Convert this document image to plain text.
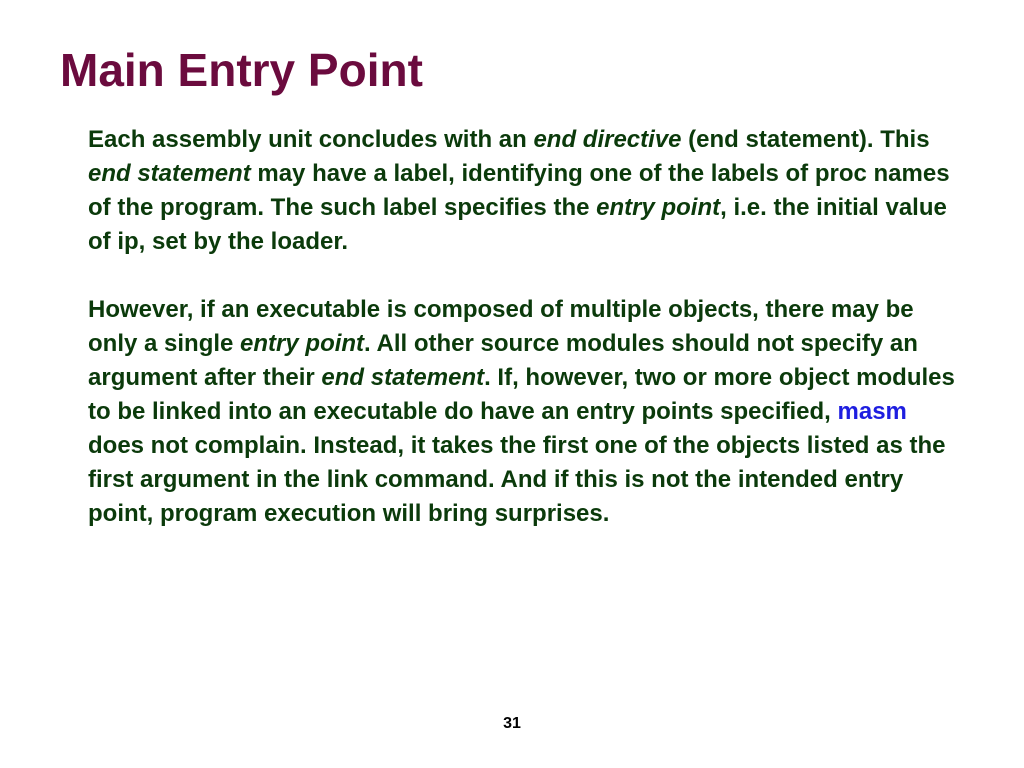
Main Entry Point

Each assembly unit concludes with an end directive (end statement). This end statement may have a label, identifying one of the labels of proc names of the program. The such label specifies the entry point, i.e. the initial value of ip, set by the loader.

However, if an executable is composed of multiple objects, there may be only a single entry point. All other source modules should not specify an argument after their end statement. If, however, two or more object modules to be linked into an executable do have an entry points specified, masm does not complain. Instead, it takes the first one of the objects listed as the first argument in the link command. And if this is not the intended entry point, program execution will bring surprises.

31
